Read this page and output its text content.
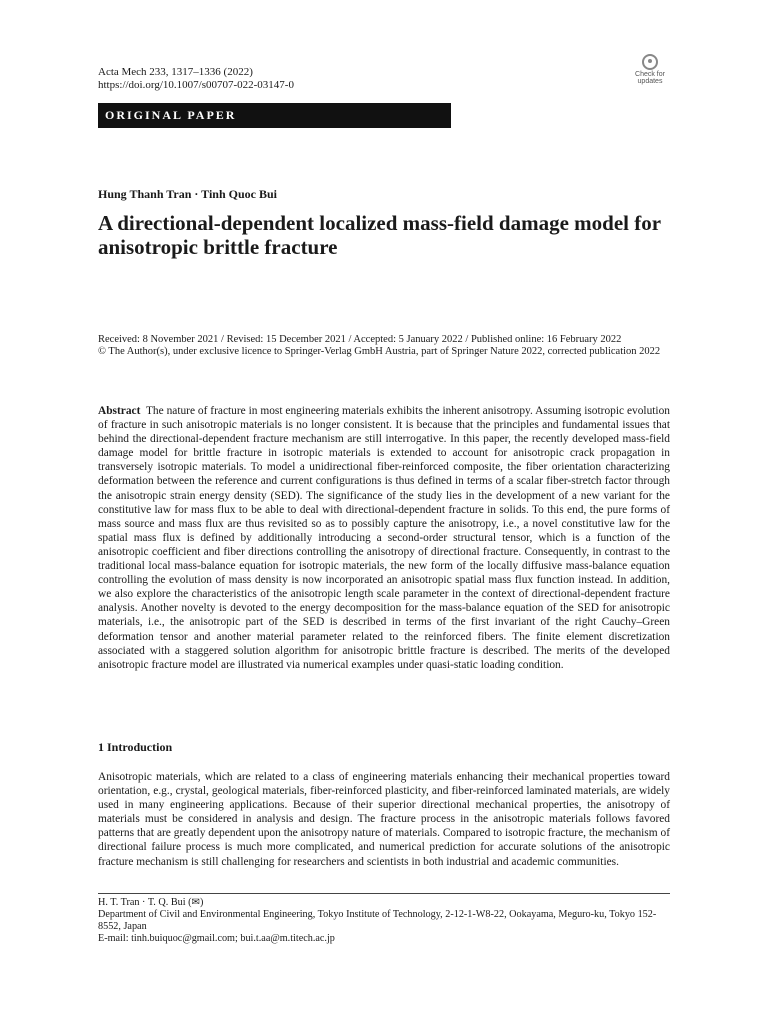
Acta Mech 233, 1317–1336 (2022)
https://doi.org/10.1007/s00707-022-03147-0
Check for
updates
ORIGINAL PAPER
Hung Thanh Tran · Tinh Quoc Bui
A directional-dependent localized mass-field damage model for anisotropic brittle fracture
Received: 8 November 2021 / Revised: 15 December 2021 / Accepted: 5 January 2022 / Published online: 16 February 2022
© The Author(s), under exclusive licence to Springer-Verlag GmbH Austria, part of Springer Nature 2022, corrected publication 2022
Abstract The nature of fracture in most engineering materials exhibits the inherent anisotropy. Assuming isotropic evolution of fracture in such anisotropic materials is no longer consistent. It is because that the principles and fundamental issues that behind the directional-dependent fracture mechanism are still interrogative. In this paper, the recently developed mass-field damage model for brittle fracture in isotropic materials is extended to account for anisotropic crack propagation in transversely isotropic materials. To model a unidirectional fiber-reinforced composite, the fiber orientation characterizing deformation between the reference and current configurations is thus defined in terms of a scalar fiber-stretch factor through the anisotropic strain energy density (SED). The significance of the study lies in the development of a new variant for the constitutive law for mass flux to be able to deal with directional-dependent fracture in solids. To this end, the pure forms of mass source and mass flux are thus revisited so as to possibly capture the anisotropy, i.e., a novel constitutive law for the spatial mass flux is defined by additionally introducing a second-order structural tensor, which is a function of the anisotropic coefficient and fiber directions controlling the anisotropy of directional fracture. Consequently, in contrast to the traditional local mass-balance equation for isotropic materials, the new form of the locally diffusive mass-balance equation controlling the evolution of mass density is now incorporated an anisotropic spatial mass flux function instead. In addition, we also explore the characteristics of the anisotropic length scale parameter in the context of directional-dependent fracture analysis. Another novelty is devoted to the energy decomposition for the mass-balance equation of the SED for anisotropic materials, i.e., the anisotropic part of the SED is described in terms of the first invariant of the right Cauchy–Green deformation tensor and another material parameter related to the reinforced fibers. The finite element discretization associated with a staggered solution algorithm for anisotropic brittle fracture is described. The merits of the developed anisotropic fracture model are illustrated via numerical examples under quasi-static loading condition.
1 Introduction
Anisotropic materials, which are related to a class of engineering materials enhancing their mechanical properties toward orientation, e.g., crystal, geological materials, fiber-reinforced plasticity, and fiber-reinforced laminated materials, are widely used in many engineering applications. Because of their superior directional mechanical properties, the anisotropy of materials must be considered in analysis and design. The fracture process in the anisotropic materials follows favored patterns that are greatly dependent upon the anisotropy nature of materials. Compared to isotropic fracture, the mechanism of directional failure process is much more complicated, and numerical prediction for accurate solutions of the anisotropic fracture mechanism is still challenging for researchers and scientists in both industrial and academic communities.
H. T. Tran · T. Q. Bui (✉)
Department of Civil and Environmental Engineering, Tokyo Institute of Technology, 2-12-1-W8-22, Ookayama, Meguro-ku, Tokyo 152-8552, Japan
E-mail: tinh.buiquoc@gmail.com; bui.t.aa@m.titech.ac.jp
